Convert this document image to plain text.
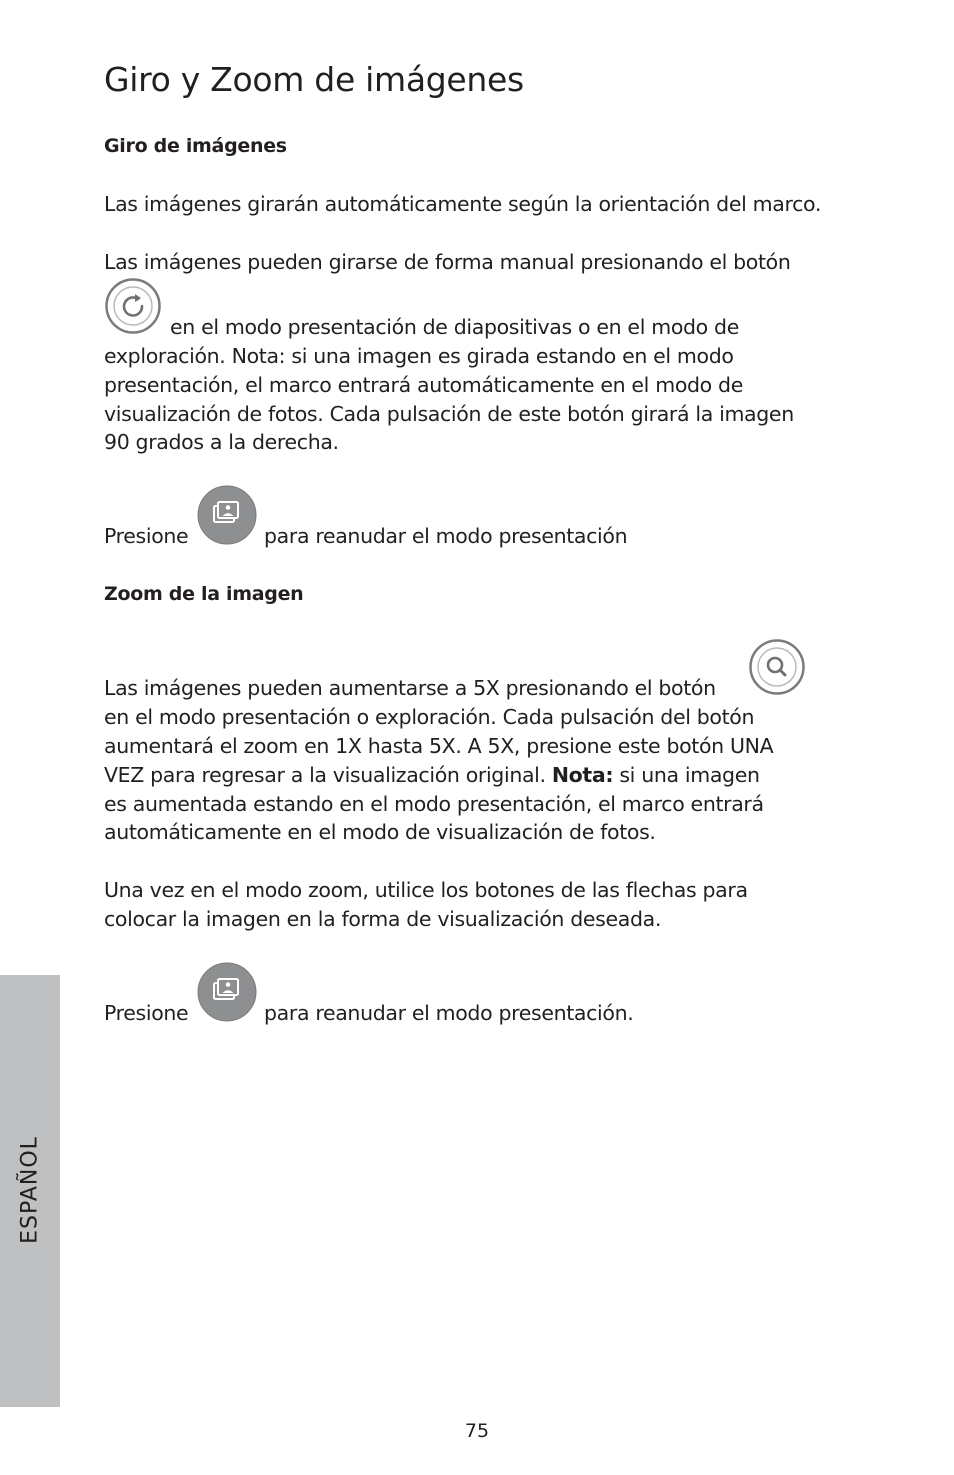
Giro y Zoom de imágenes
Giro de imágenes
Las imágenes girarán automáticamente según la orientación del marco.
Las imágenes pueden girarse de forma manual presionando el botón
en el modo presentación de diapositivas o en el modo de
exploración. Nota: si una imagen es girada estando en el modo
presentación, el marco entrará automáticamente en el modo de
visualización de fotos. Cada pulsación de este botón girará la imagen
90 grados a la derecha.
Presione	para reanudar el modo presentación
Zoom de la imagen
Las imágenes pueden aumentarse a 5X presionando el botón
en el modo presentación o exploración. Cada pulsación del botón
aumentará el zoom en 1X hasta 5X. A 5X, presione este botón UNA
VEZ para regresar a la visualización original. Nota: si una imagen
es aumentada estando en el modo presentación, el marco entrará
automáticamente en el modo de visualización de fotos.
Una vez en el modo zoom, utilice los botones de las flechas para
colocar la imagen en la forma de visualización deseada.
Presione	para reanudar el modo presentación.
ESPAÑOL
75
